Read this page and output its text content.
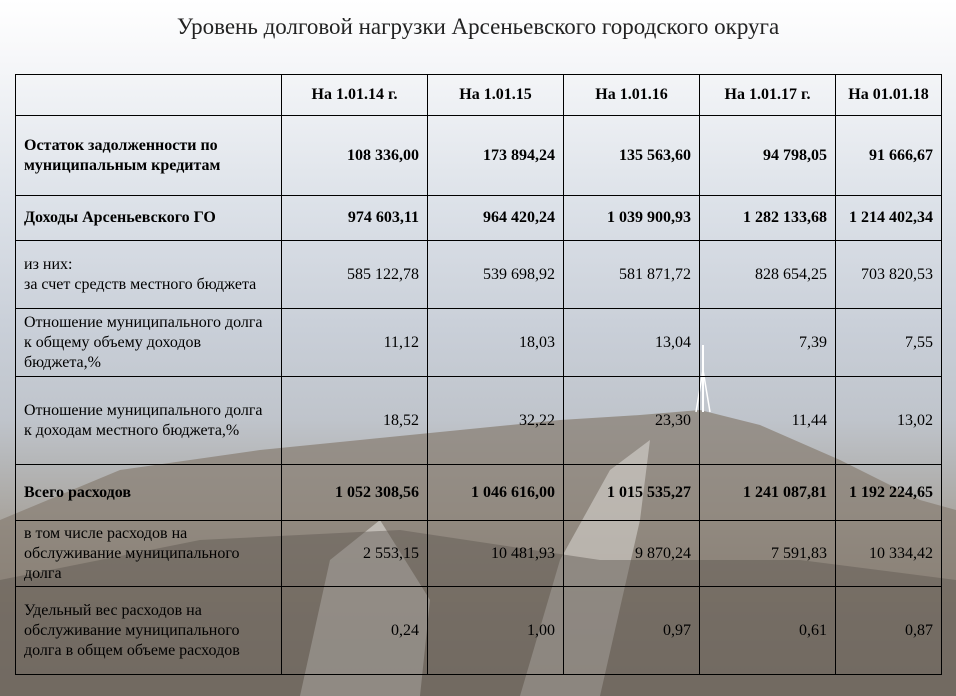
Уровень долговой нагрузки Арсеньевского городского округа
	На 1.01.14 г.	На 1.01.15	На 1.01.16	На 1.01.17 г.	На 01.01.18
Остаток задолженности по муниципальным кредитам	108 336,00	173 894,24	135 563,60	94 798,05	91 666,67
Доходы Арсеньевского ГО	974 603,11	964 420,24	1 039 900,93	1 282 133,68	1 214 402,34
из них:
за счет средств местного бюджета	585 122,78	539 698,92	581 871,72	828 654,25	703 820,53
Отношение муниципального долга к общему объему доходов бюджета,%	11,12	18,03	13,04	7,39	7,55
Отношение муниципального долга к доходам местного бюджета,%	18,52	32,22	23,30	11,44	13,02
Всего расходов	1 052 308,56	1 046 616,00	1 015 535,27	1 241 087,81	1 192 224,65
в том числе расходов на обслуживание муниципального долга	2 553,15	10 481,93	9 870,24	7 591,83	10 334,42
Удельный вес расходов на обслуживание муниципального долга в общем объеме расходов	0,24	1,00	0,97	0,61	0,87
